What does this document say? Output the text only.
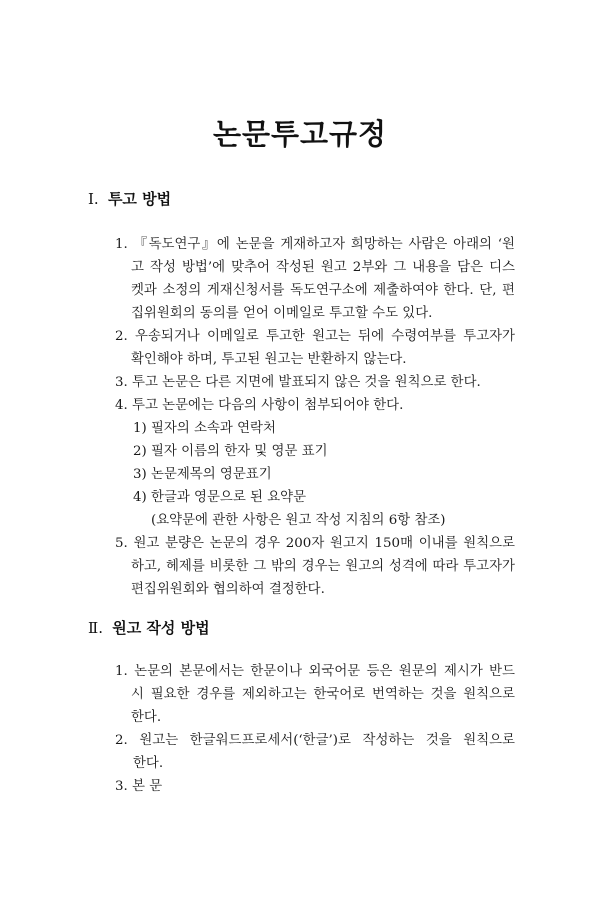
논문투고규정
Ⅰ. 투고 방법
1. 『독도연구』에 논문을 게재하고자 희망하는 사람은 아래의 ‘원
고 작성 방법’에 맞추어 작성된 원고 2부와 그 내용을 담은 디스
켓과 소정의 게재신청서를 독도연구소에 제출하여야 한다. 단, 편
집위원회의 동의를 얻어 이메일로 투고할 수도 있다.
2. 우송되거나 이메일로 투고한 원고는 뒤에 수령여부를 투고자가
확인해야 하며, 투고된 원고는 반환하지 않는다.
3. 투고 논문은 다른 지면에 발표되지 않은 것을 원칙으로 한다.
4. 투고 논문에는 다음의 사항이 첨부되어야 한다.
1) 필자의 소속과 연락처
2) 필자 이름의 한자 및 영문 표기
3) 논문제목의 영문표기
4) 한글과 영문으로 된 요약문
(요약문에 관한 사항은 원고 작성 지침의 6항 참조)
5. 원고 분량은 논문의 경우 200자 원고지 150매 이내를 원칙으로
하고, 헤제를 비롯한 그 밖의 경우는 원고의 성격에 따라 투고자가
편집위원회와 협의하여 결정한다.
Ⅱ. 원고 작성 방법
1. 논문의 본문에서는 한문이나 외국어문 등은 원문의 제시가 반드
시 필요한 경우를 제외하고는 한국어로 번역하는 것을 원칙으로
한다.
2. 원고는 한글워드프로세서(‘한글’)로 작성하는 것을 원칙으로
한다.
3. 본 문
